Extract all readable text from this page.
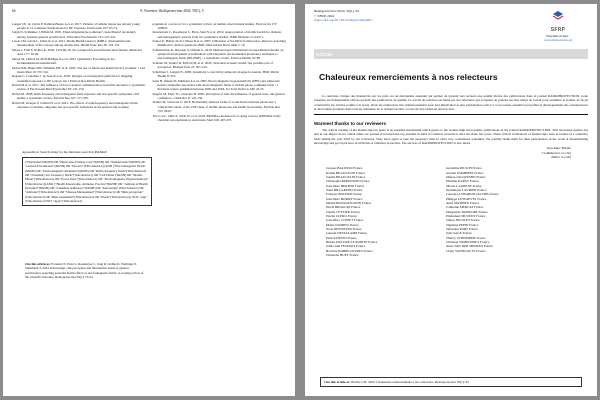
64	E. Forestier: Radioprotection 2024, 59(1), 5

Langer CE, de Llobet P, Dalmau-Bueno A et al. 2017. Patterns of cellular phone use among young people in 12 countries: implications for RF exposure. Environ Int 107: 65-74.

Leigh N, Schüttmer J, Böhm M. 2005. Elektromagnetische pollution? cause illness? An inquiry among Austrian general practitioners. Wien Med Wochenschr 155: 237-241.

Lewis CM, Gavin L, Zeller R et al. 2021. Media Health Literacy (MHL): development and measurement of the concept among adolescents. Health Educ Res 36: 123-133.

Meyer I, Fröh F, Rößler K. 2020. COVID-19, 5G conspiracies and infrastructural futures. Media Int Aust 177: 30-46.

Meyer M, Lüttich M, Pfaff-Rüdiger R et al. 2021. Qualitative Forschung in der Kommunikationswissenschaft.

Parker RM, Baker DW, Williams MV et al. 1995. The test of functional health literacy in adults. J Gen Intern Med 10: 537-541.

Reguin C, Coutellier J, de Seze R et al. 2020. Designs of an integrated platform for mapping residential exposure to RF sources. Int J Environ Res Public Health.

Röösli M et al. 2017. The influence of doctor-patient communication on health outcomes: a systematic review. Z Psychosom Med Psychother 63: 131-150.

Röösli M. 2008. Radiofrequency electromagnetic field exposure and non-specific symptoms of ill health: a systematic review. Environ Res 107: 277-287.

Röösli M, Dongus S, Jalilian H, et al. 2021. The effects of radiofrequency electromagnetic fields exposure on tinnitus, migraine and non-specific symptoms in the general and working

population: a protocol for a systematic review on human observational studies. Environ Int 157: 106852.

Rosenstrom C, Rosemeyer C, Brew-Sam N et al. 2019. Appropriation of mobile health for diabetes self-management: lessons from two qualitative studies. JMIR Diabetes 4: e10271.

Santos E, Heiber-Stoll J, Hasse D et al. 2007. Utilisation of the PICO framework to improve searching PubMed for clinical questions. BMC Med Inform Decis Mak 7: 16.

Schmiedchen K, Driessen S, Oftedal G. 2019. Methodological limitations in experimental studies on symptom development in individuals with idiopathic environmental intolerance attributed to electromagnetic fields (IEI-EMF) - a systematic review. Environ Health 18: 88.

Schreier M, Stadler D, Fulford M, et al. 2020. Structural-acoustic model: the possible role of perception. Biomed Tech 22: 207-210.

Schröttner J, Leitgeb N. 2008. Sensitivity to electricity-temporal changes in Austria. BMC Public Health 8: 310.

Seitz H, Stinner D, Eikmann T et al. 2005. Electromagnetic hypersensitivity (EHS) and subjective health complaints associated with electromagnetic fields of mobile phone communication - a literature review published between 2000 and 2004. Sci Total Environ 349: 45-55.

Siegrist M, Earle TC, Gutscher H. 2005. Perception of risk: the influence of general trust, and general confidence. J Risk Res 8: 145-156.

Stadler M, Schwartz U. 2018. Hormonally-induced forms of work-derived mobile phone use: a comparative study of the USE study of mobile phone use and health in Germany. Environ Res 155: 80-87.

Tricco AC, Lillie E, Zarin W, et al. 2018. PRISMA extension for scoping reviews (PRISMA-ScR): checklist and explanation. Ann Intern Med 169: 467-473.

Appendix A: Search string for the literature search in PubMed:

("Physicians"[MeSH] OR "Physicians, Primary Care"[MeSH] OR "Pediatricians"[MeSH] OR "General Practitioners"[MeSH] OR "Doctors"[Title/Abstract]) AND ("Electromagnetic Fields"[MeSH] OR "Electromagnetic Radiation"[MeSH] OR "Radio-frequency fields"[Title/Abstract] OR "Extremely low frequency fields"[Title/Abstract] OR "Cell Phone"[MeSH] OR "Mobile Phone"[Title/Abstract] OR "Power lines"[Title/Abstract] OR "Electromagnetic Hypersensitivity"[Title/Abstract]) AND ("Health Knowledge, Attitudes, Practice"[MeSH] OR "Attitude of Health Personnel"[MeSH] OR "Guideline Adherence"[MeSH] OR "Knowledge"[Title/Abstract] OR "Attitudes"[Title/Abstract] OR "Disease Management"[Title/Abstract] OR "Risk perception"[Title/Abstract] OR "Risk assessment"[Title/Abstract] OR "Needs"[Title/Abstract]) NOT "App"[Title/Abstract] NOT "Apps"[Title/Abstract].
Cite this article as: Forestier E, Ernst L, Rosemeyer C, Jung R, Lüdtke K, Wallinger P, Weismann T. 2024. Knowledge, risk perception and information needs of general practitioners regarding potential health effects of electromagnetic fields: A scoping review of the scientific literature. Radioprotection 59(1): 55-64.
Radioprotection 2024, 59(1), 65
© SFRP, 2024
https://doi.org/10.1051/radiopro/2024001
SFRP
Disponible en ligne :
www.radioprotection.org
Article
Chaleureux remerciements à nos relecteurs

La relecture critique des manuscrits par les pairs est un mécanisme essentiel qui permet de garantir aux lecteurs une qualité élevée des publications dans le journal RADIOPROTECTION. Cette expertise est indispensable afin de garantir une publication de qualité. Ce travail de relecture est mené par des relecteurs qui acceptent de prendre sur leur temps de travail pour examiner et évaluer de façon constructive les articles soumis à la revue. Nous les remercions très chaleureusement pour leur implication et leur participation active à ce processus essentiel qui permet le développement des connaissances et des bonnes pratiques dans tous les domaines de la radioprotection. Le succès du journal est aussi le leur.

Warmest thanks to our reviewers

The critical reading of the manuscripts by peers is an essential mechanism which grants to the readers high level quality publications in the journal RADIOPROTECTION. This increasing quality has had in our impact factor which ranks our journal in between the top journals in field of radiation protection since the three last years. These critical evaluations of manuscripts were provided on a voluntary basis during the year 2023 by our reviewers. They have agree to take the necessary time in often very constrained schedules. We warmly thank them for their participation in the work of disseminating knowledge and good practices in all fields of radiation protection. The success of RADIOPROTECTION is also theirs.

Jean-Marc Bertho
Co-Rédacteur en chef
Editor in chief
Jacques BALOSSO France
Karine BEAUGELIN France
Sophie BEAUGELIN France
Christophe BERGERON France
Jean-Marc BERTHO France
Yann BILLAREND France
François BOCHUD Suisse
Jean-Marc BORDY France
Michel BOURGUIGNON France
David BROGGIO France
Sophie CETTIER France
Estelle CLERO France
Jean-Marc COSSET France
Didier DAMIEN France
Yvon DESNOYER France
Laurent DESTACAMP France
Patrick DEVIN France
Hubert DUCOUP LE POINTE France
Joëlle Ann FEGHALI France
Bouchra HABIB-GEYRES France
Christelle HUET France
Géraldine IELSCH France
Aurélie ISAMBERT France
Manon JACQUEMIN France
Maxime KARST France
Olivier LAURENT France
Dominique LAURIER France
Laurence LEBARON-JACOBS France
Philippe LESTAEVEL France
Anne MATHIEU France
Catherine MERCAT France
Marguerite MONFORT France
Emmanuel MUSEUX France
Simon NICOLES France
Stéphane PEPIN France
Sébastien PORT France
Julie SAGE France
Thierry SCHNEIDER France
Christian TAMPONNET France
Anne VAN DER MEEREN France
Claire VANNGOCTY France
Cite this article as: Bertho J-M. 2024. Chaleureux remerciements à nos relecteurs. Radioprotection 59(1): 65
